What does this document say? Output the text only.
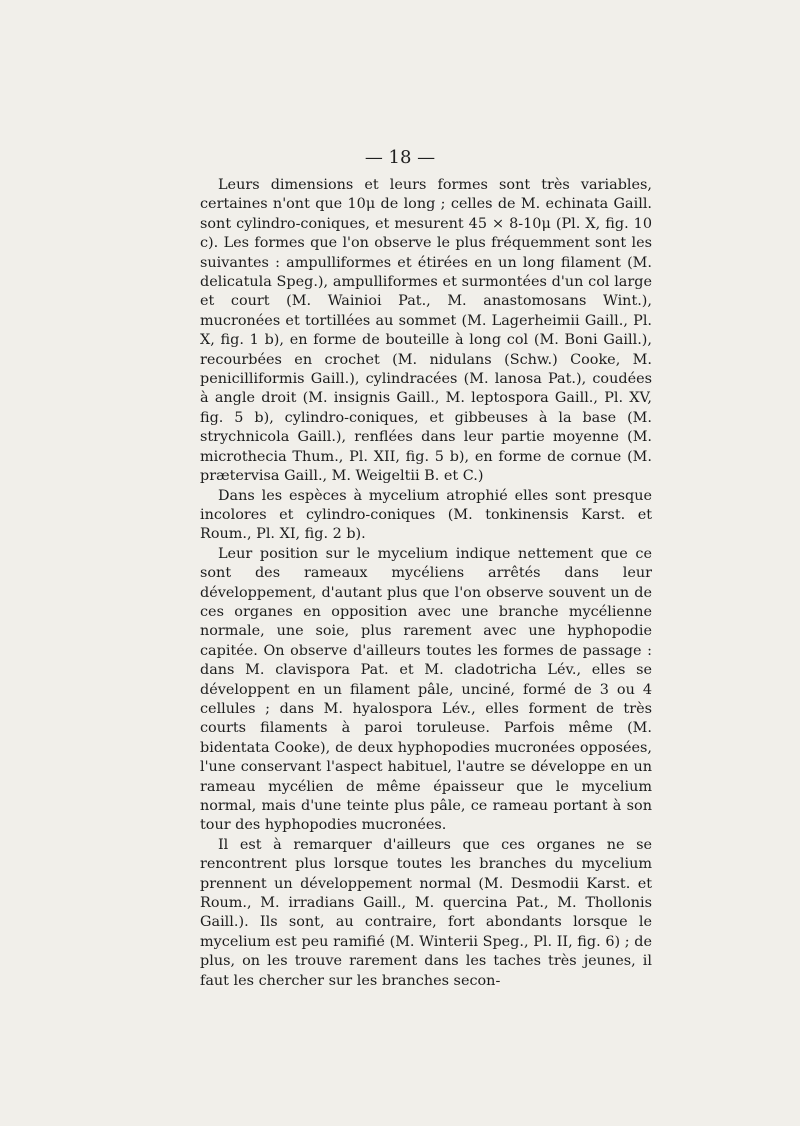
— 18 —

Leurs dimensions et leurs formes sont très variables, certaines n'ont que 10μ de long ; celles de M. echinata Gaill. sont cylindro-coniques, et mesurent 45 × 8-10μ (Pl. X, fig. 10 c). Les formes que l'on observe le plus fréquemment sont les suivantes : ampulliformes et étirées en un long filament (M. delicatula Speg.), ampulliformes et surmontées d'un col large et court (M. Wainioi Pat., M. anastomosans Wint.), mucronées et tortillées au sommet (M. Lagerheimii Gaill., Pl. X, fig. 1 b), en forme de bouteille à long col (M. Boni Gaill.), recourbées en crochet (M. nidulans (Schw.) Cooke, M. penicilliformis Gaill.), cylindracées (M. lanosa Pat.), coudées à angle droit (M. insignis Gaill., M. leptospora Gaill., Pl. XV, fig. 5 b), cylindro-coniques, et gibbeuses à la base (M. strychnicola Gaill.), renflées dans leur partie moyenne (M. microthecia Thum., Pl. XII, fig. 5 b), en forme de cornue (M. prætervisa Gaill., M. Weigeltii B. et C.)

Dans les espèces à mycelium atrophié elles sont presque incolores et cylindro-coniques (M. tonkinensis Karst. et Roum., Pl. XI, fig. 2 b).

Leur position sur le mycelium indique nettement que ce sont des rameaux mycéliens arrêtés dans leur développement, d'autant plus que l'on observe souvent un de ces organes en opposition avec une branche mycélienne normale, une soie, plus rarement avec une hyphopodie capitée. On observe d'ailleurs toutes les formes de passage : dans M. clavispora Pat. et M. cladotricha Lév., elles se développent en un filament pâle, unciné, formé de 3 ou 4 cellules ; dans M. hyalospora Lév., elles forment de très courts filaments à paroi toruleuse. Parfois même (M. bidentata Cooke), de deux hyphopodies mucronées opposées, l'une conservant l'aspect habituel, l'autre se développe en un rameau mycélien de même épaisseur que le mycelium normal, mais d'une teinte plus pâle, ce rameau portant à son tour des hyphopodies mucronées.

Il est à remarquer d'ailleurs que ces organes ne se rencontrent plus lorsque toutes les branches du mycelium prennent un développement normal (M. Desmodii Karst. et Roum., M. irradians Gaill., M. quercina Pat., M. Thollonis Gaill.). Ils sont, au contraire, fort abondants lorsque le mycelium est peu ramifié (M. Winterii Speg., Pl. II, fig. 6) ; de plus, on les trouve rarement dans les taches très jeunes, il faut les chercher sur les branches secon-
